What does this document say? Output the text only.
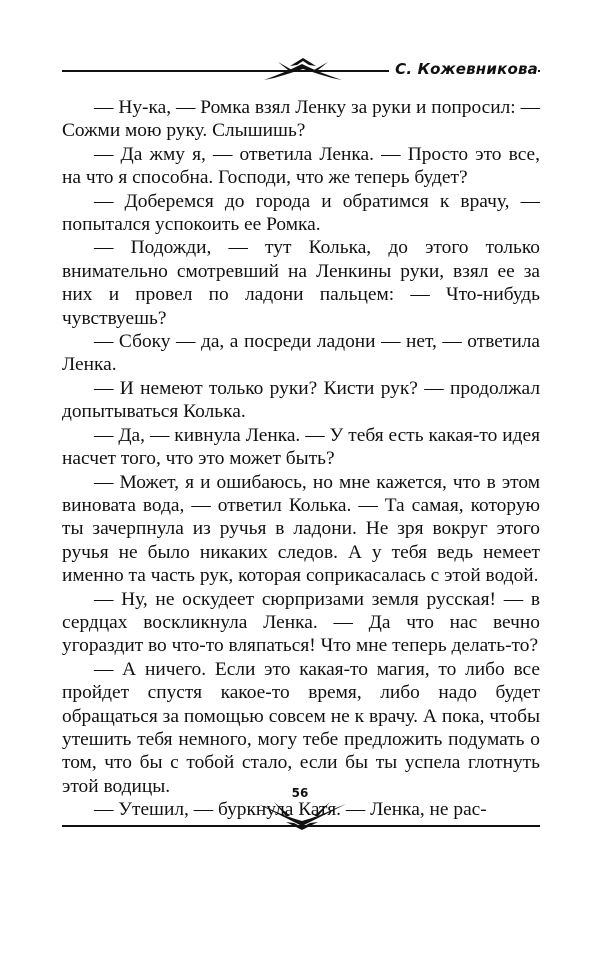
С. Кожевникова

— Ну-ка, — Ромка взял Ленку за руки и попросил: — Сожми мою руку. Слышишь?

— Да жму я, — ответила Ленка. — Просто это все, на что я способна. Господи, что же теперь будет?

— Доберемся до города и обратимся к врачу, — попытался успокоить ее Ромка.

— Подожди, — тут Колька, до этого только внимательно смотревший на Ленкины руки, взял ее за них и провел по ладони пальцем: — Что-нибудь чувствуешь?

— Сбоку — да, а посреди ладони — нет, — ответила Ленка.

— И немеют только руки? Кисти рук? — продолжал допытываться Колька.

— Да, — кивнула Ленка. — У тебя есть какая-то идея насчет того, что это может быть?

— Может, я и ошибаюсь, но мне кажется, что в этом виновата вода, — ответил Колька. — Та самая, которую ты зачерпнула из ручья в ладони. Не зря вокруг этого ручья не было никаких следов. А у тебя ведь немеет именно та часть рук, которая соприкасалась с этой водой.

— Ну, не оскудеет сюрпризами земля русская! — в сердцах воскликнула Ленка. — Да что нас вечно угораздит во что-то вляпаться! Что мне теперь делать-то?

— А ничего. Если это какая-то магия, то либо все пройдет спустя какое-то время, либо надо будет обращаться за помощью совсем не к врачу. А пока, чтобы утешить тебя немного, могу тебе предложить подумать о том, что бы с тобой стало, если бы ты успела глотнуть этой водицы.

— Утешил, — буркнула Катя. — Ленка, не рас-

56
